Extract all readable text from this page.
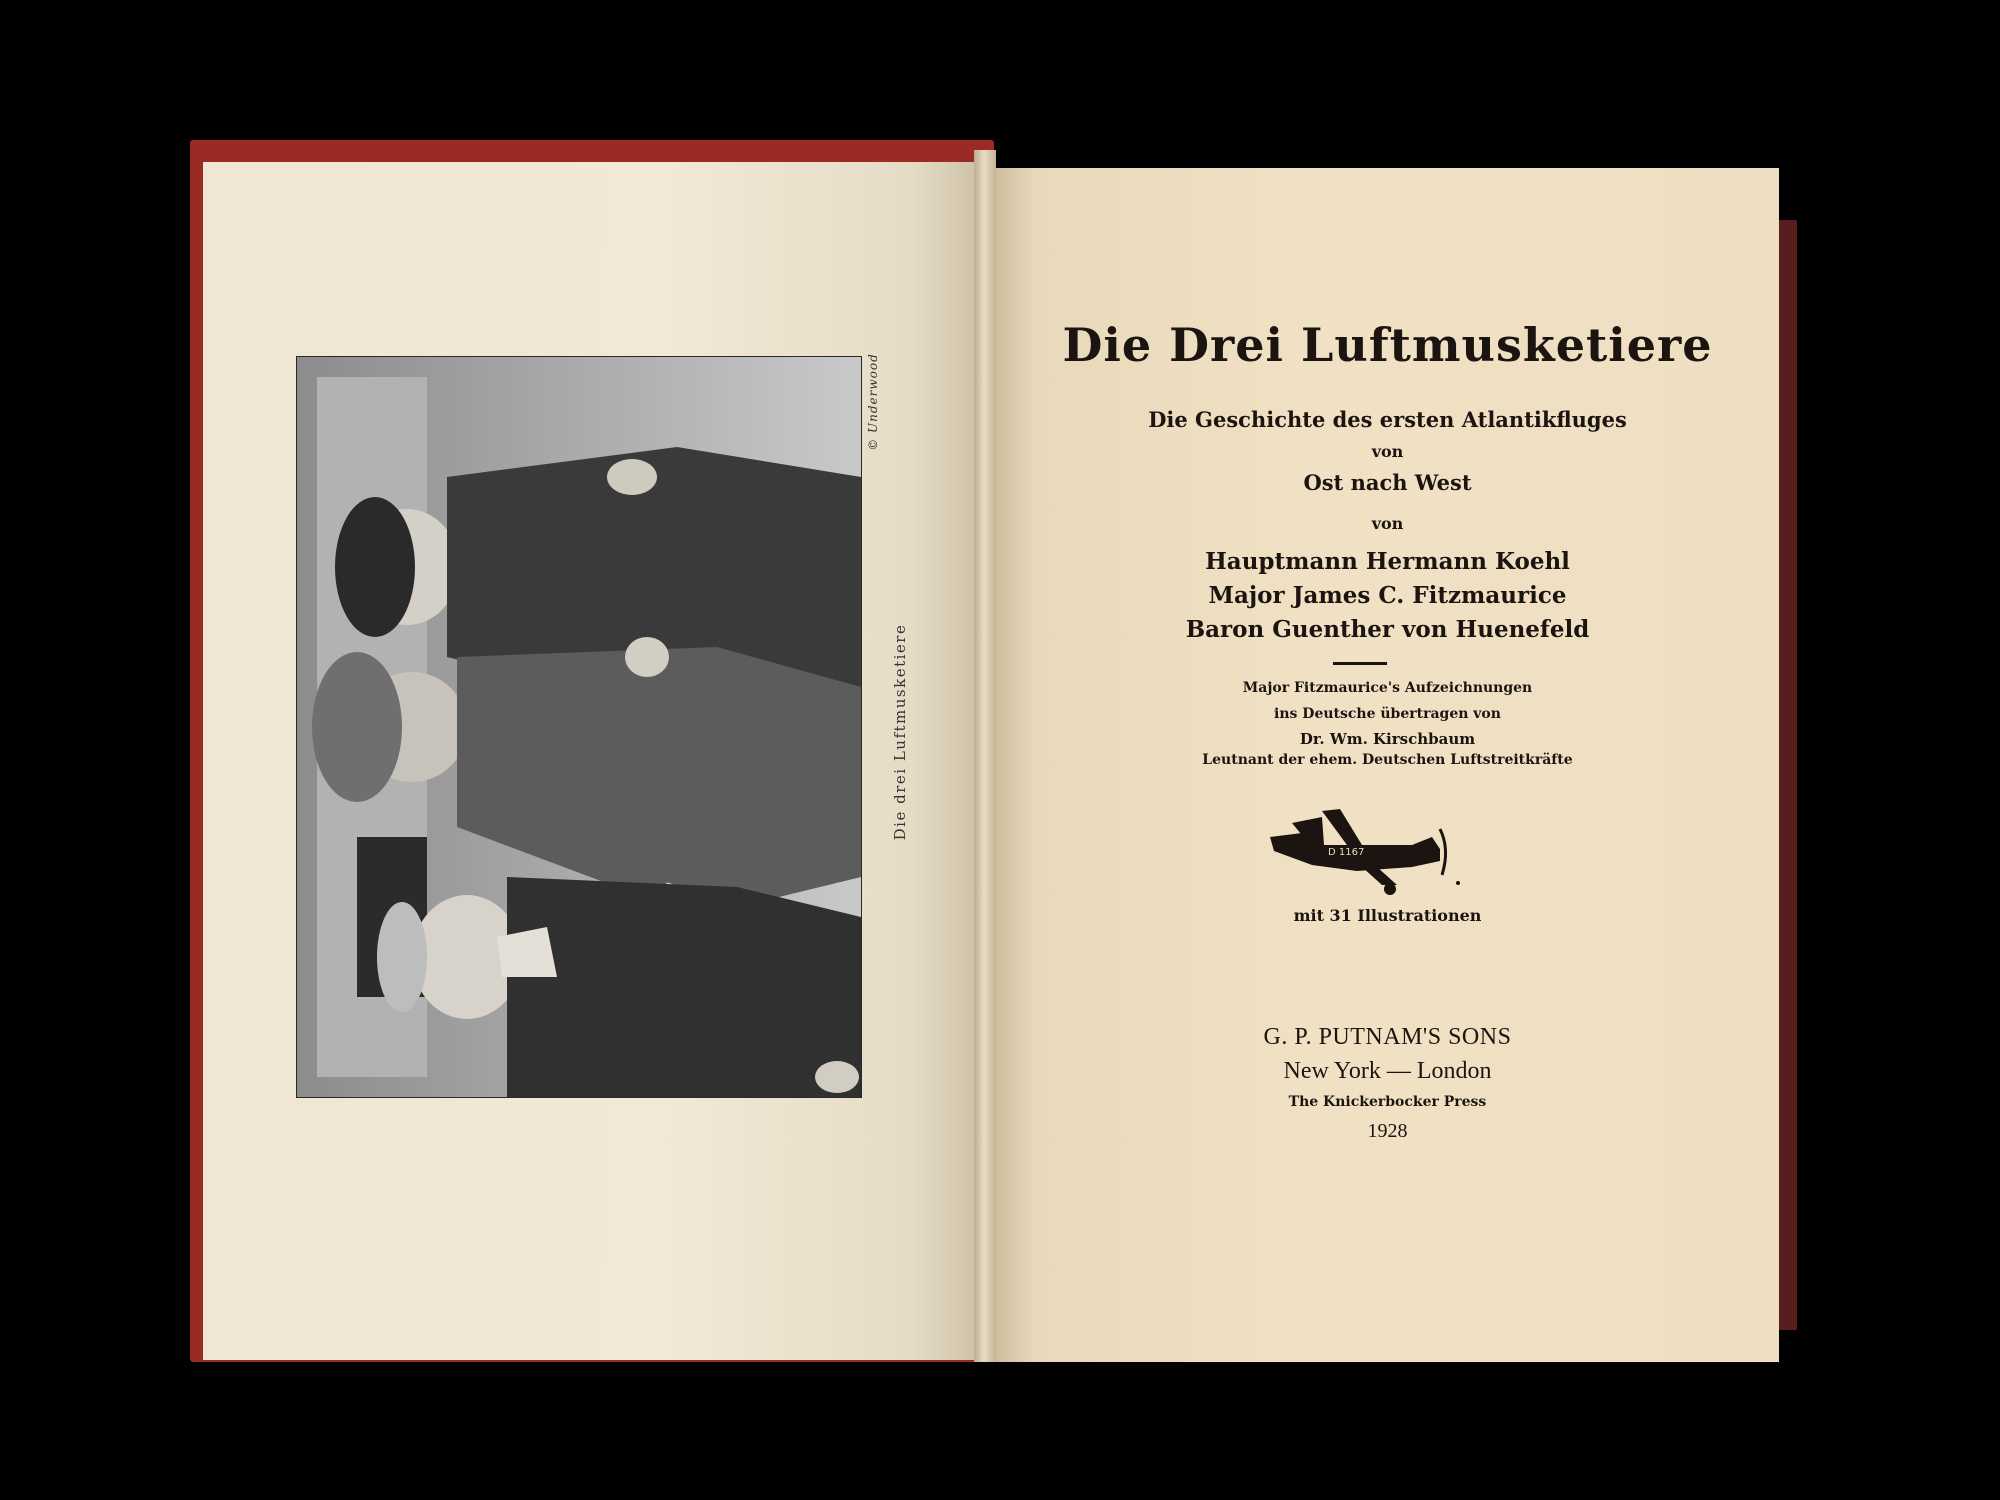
Die drei Luftmusketiere
© Underwood
Die Drei Luftmusketiere
Die Geschichte des ersten Atlantikfluges
von
Ost nach West
von
Hauptmann Hermann Koehl
Major James C. Fitzmaurice
Baron Guenther von Huenefeld
Major Fitzmaurice's Aufzeichnungen
ins Deutsche übertragen von
Dr. Wm. Kirschbaum
Leutnant der ehem. Deutschen Luftstreitkräfte
D 1167
mit 31 Illustrationen
G. P. PUTNAM'S SONS
New York — London
The Knickerbocker Press
1928
